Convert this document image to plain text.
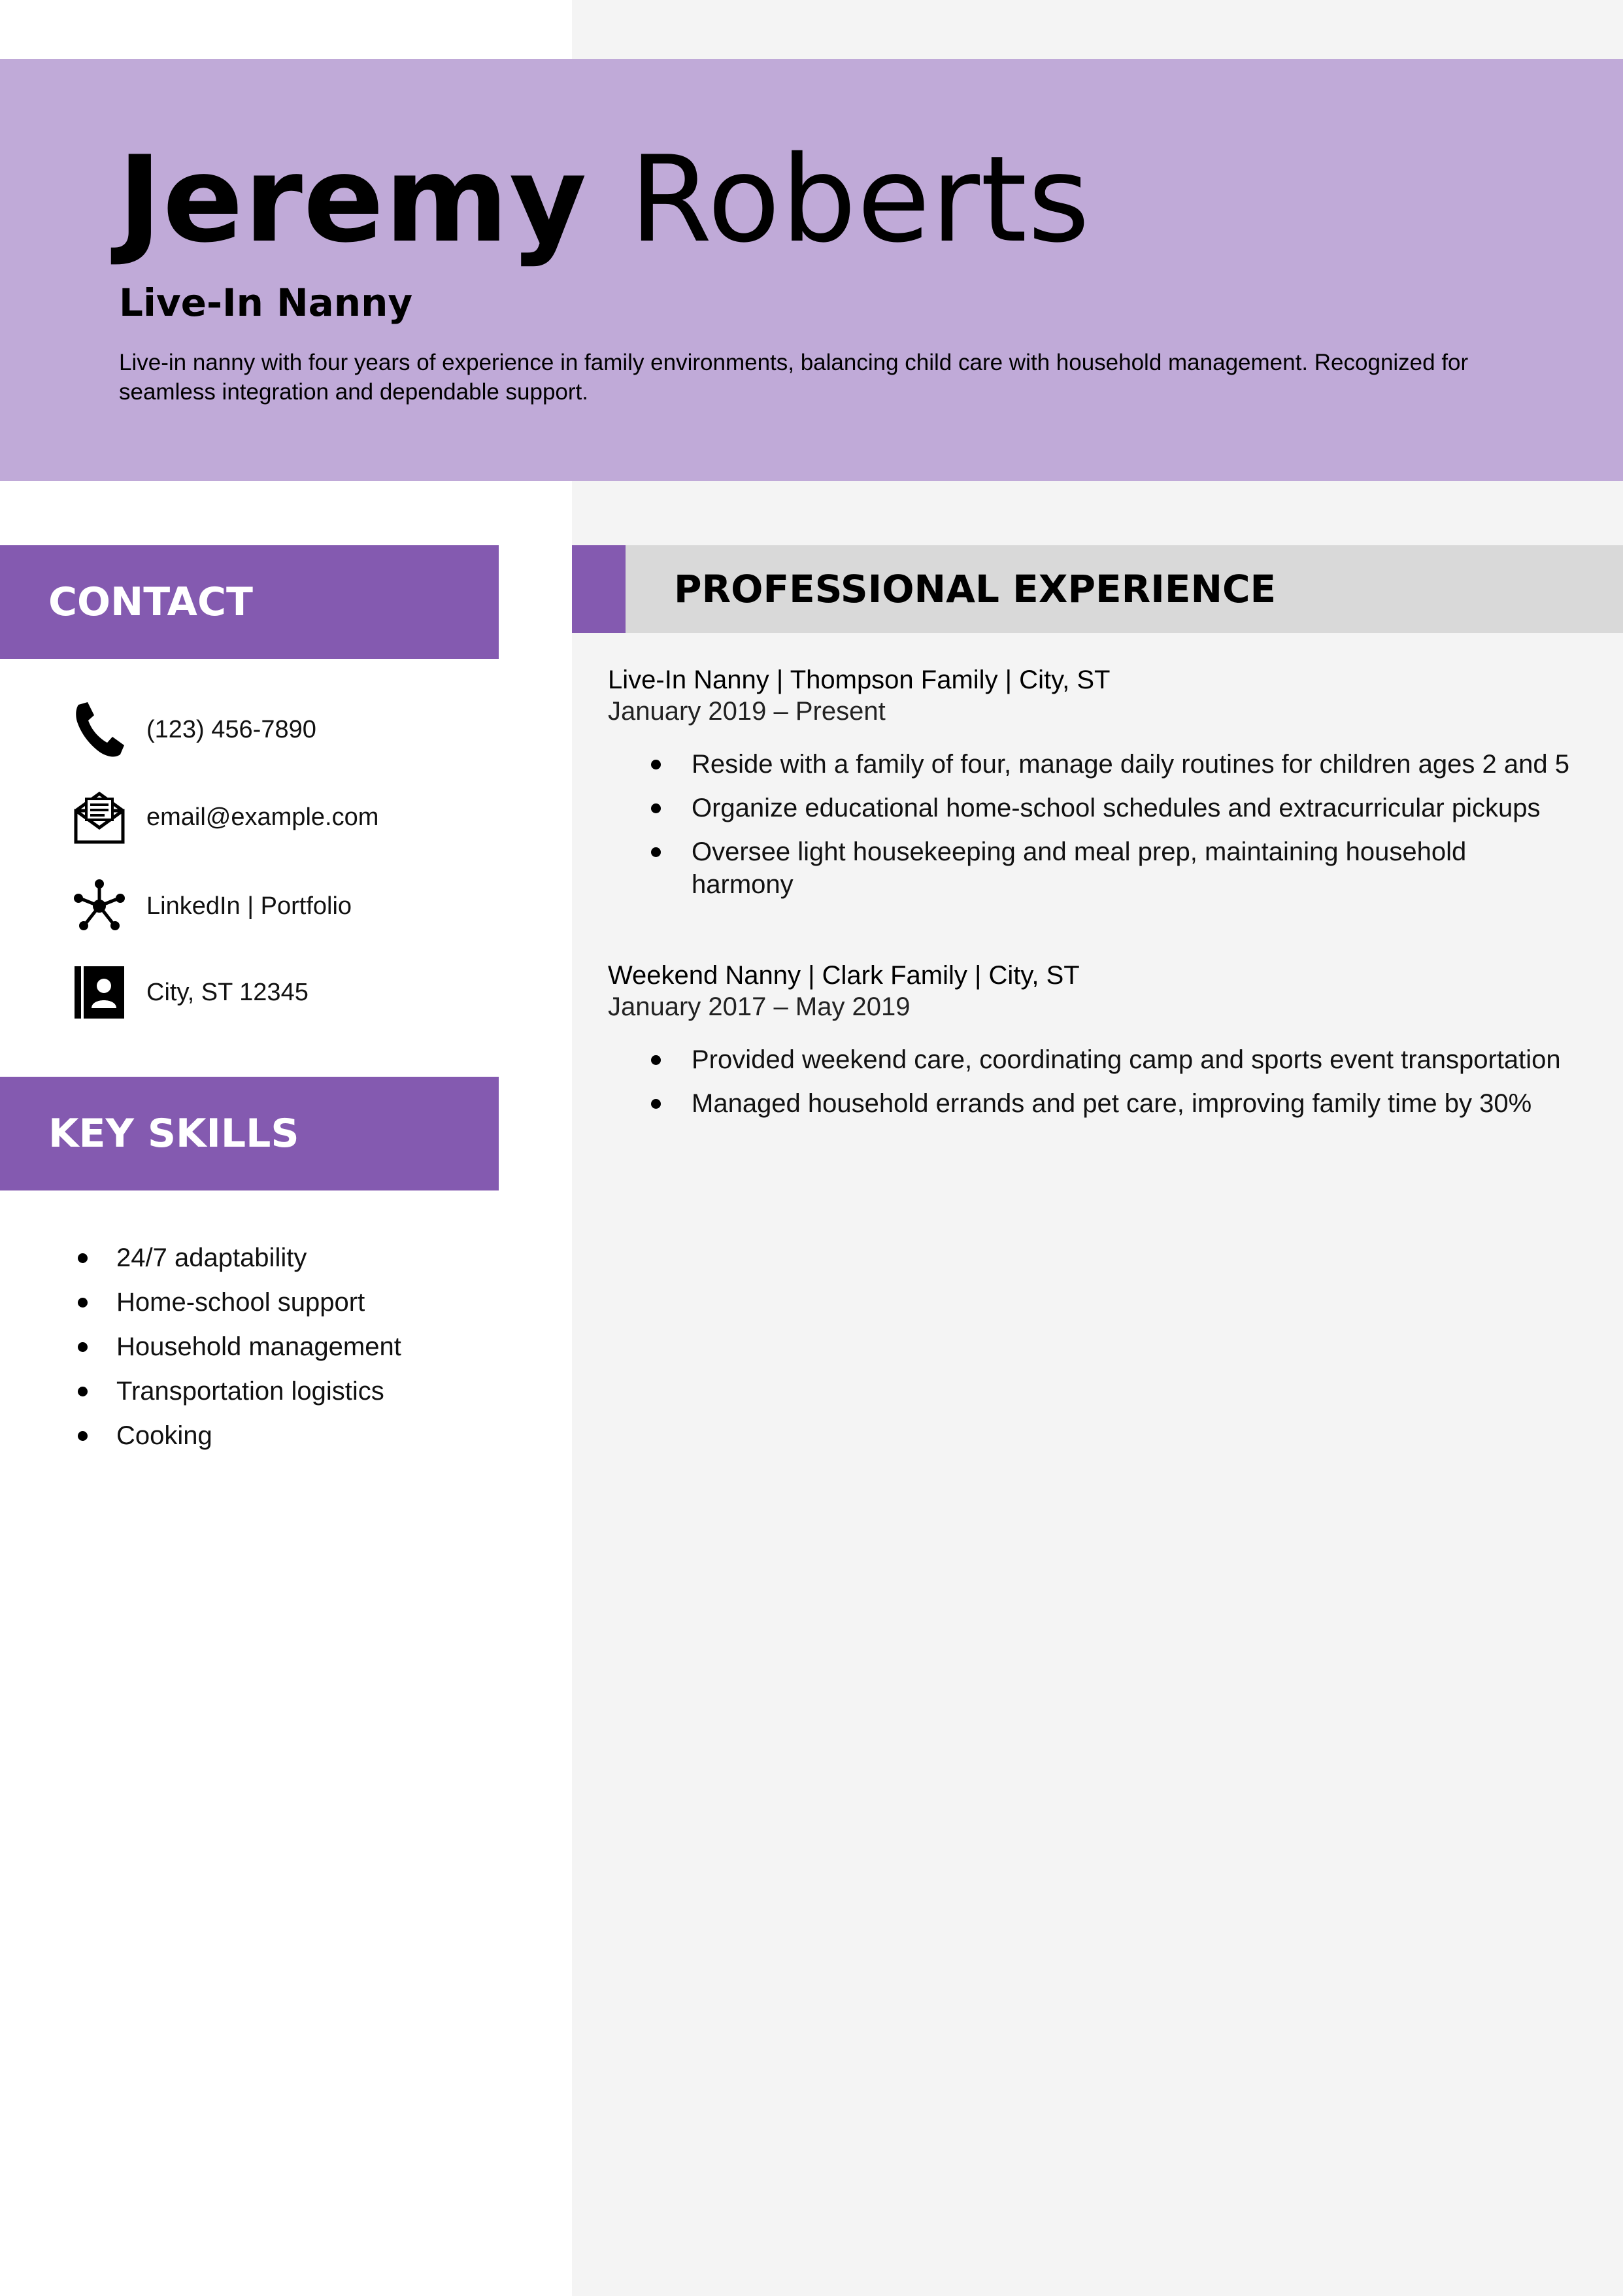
Jeremy Roberts
Live-In Nanny

Live-in nanny with four years of experience in family environments, balancing child care with household management. Recognized for seamless integration and dependable support.

CONTACT
(123) 456-7890
email@example.com
LinkedIn | Portfolio
City, ST 12345
KEY SKILLS
24/7 adaptability
Home-school support
Household management
Transportation logistics
Cooking
PROFESSIONAL EXPERIENCE
Live-In Nanny | Thompson Family | City, ST
January 2019 – Present
Reside with a family of four, manage daily routines for children ages 2 and 5
Organize educational home-school schedules and extracurricular pickups
Oversee light housekeeping and meal prep, maintaining household harmony
Weekend Nanny | Clark Family | City, ST
January 2017 – May 2019
Provided weekend care, coordinating camp and sports event transportation
Managed household errands and pet care, improving family time by 30%
